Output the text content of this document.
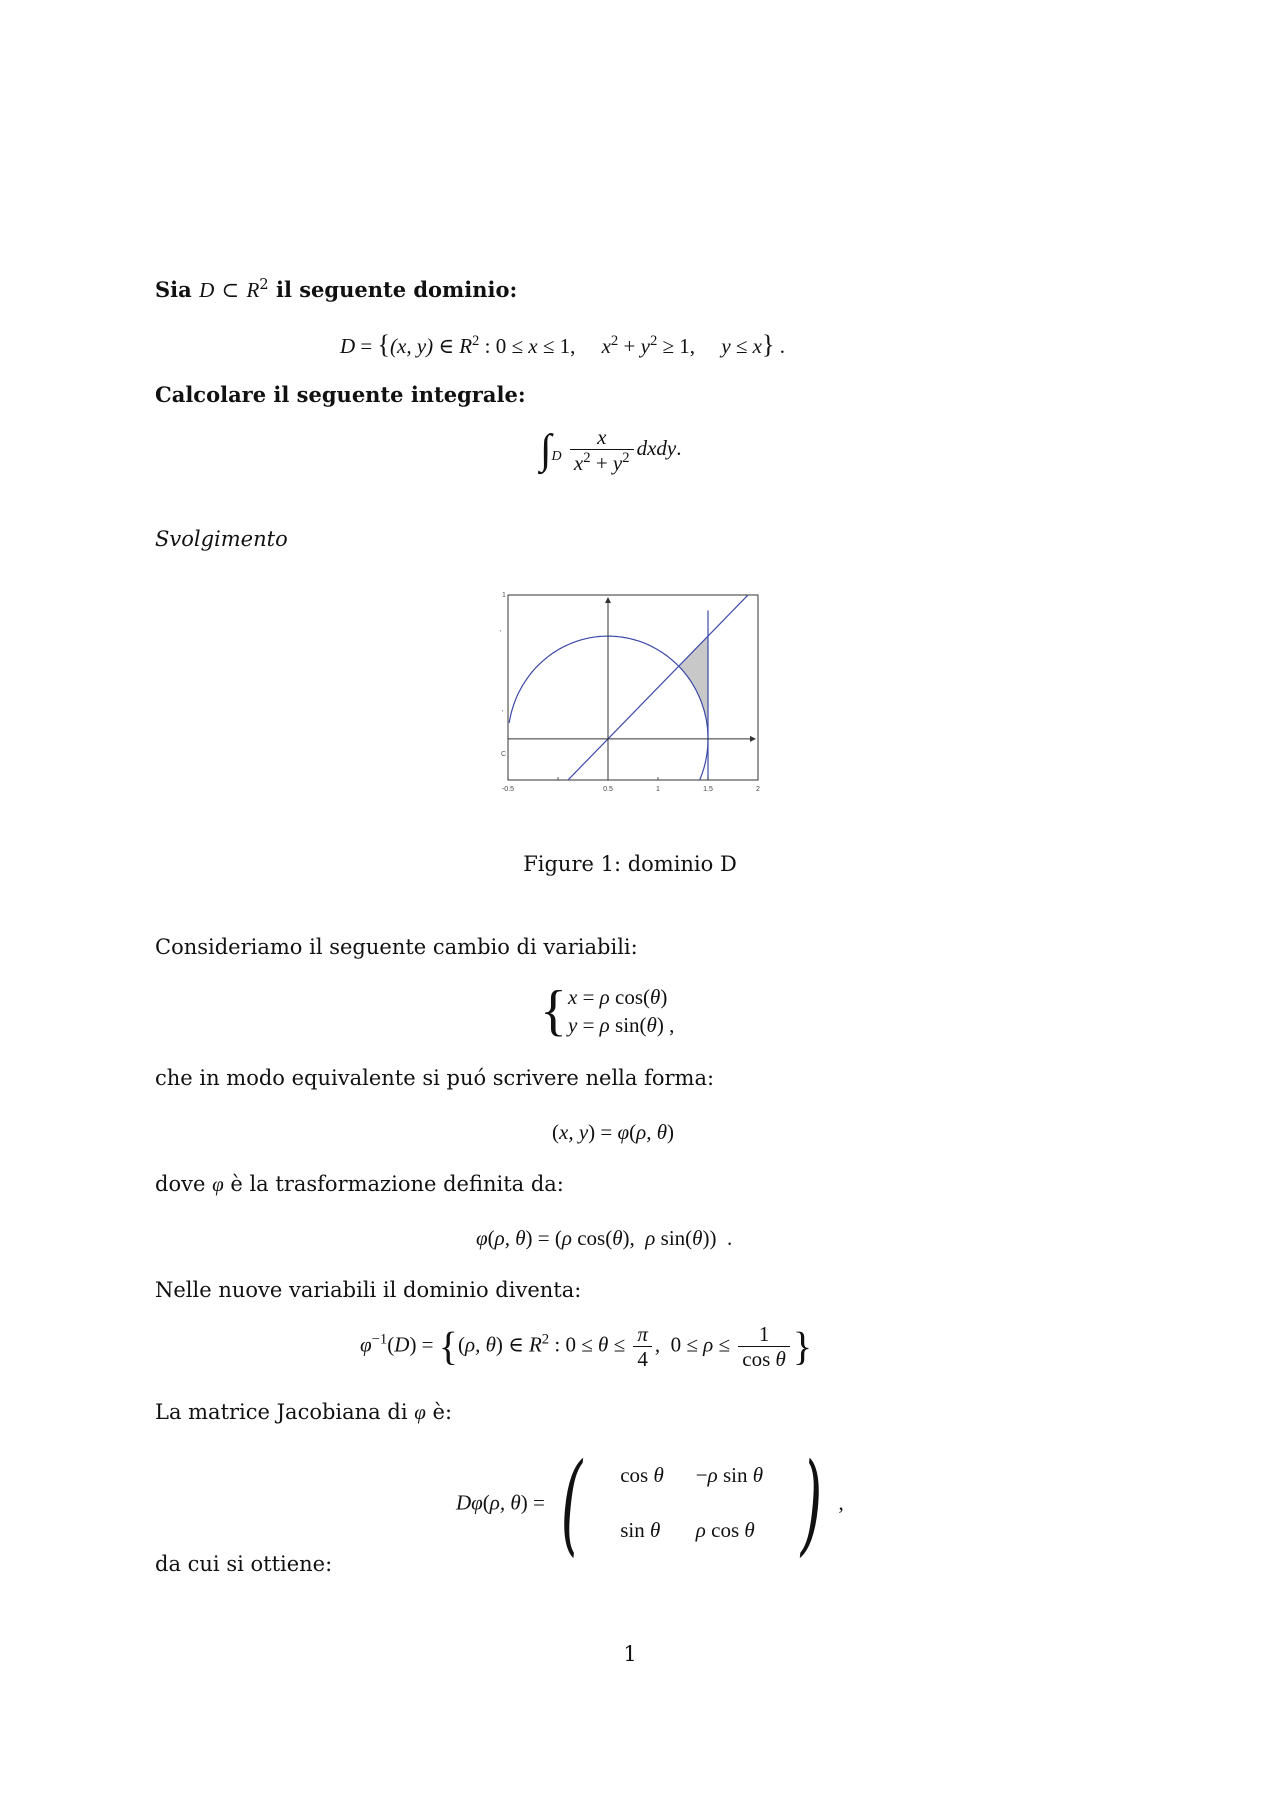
Sia D ⊂ $R^2$ il seguente dominio:
D = {(x, y) ∈ $R^2$ : 0 ≤ x ≤ 1,     $x^2 + y^2 \ge 1$,     y ≤ x} .
Calcolare il seguente integrale:
$\int_D \frac{x}{x^2 + y^2}$ dxdy.
Svolgimento
-0.5	0.5	1	1.5	2
1
'
'
C
Figure 1: dominio D
Consideriamo il seguente cambio di variabili:
{ x = ρ cos(θ)
y = ρ sin(θ) ,
che in modo equivalente si puó scrivere nella forma:
(x, y) = φ(ρ, θ)
dove φ è la trasformazione definita da:
φ(ρ, θ) = (ρ cos(θ),  ρ sin(θ))  .
Nelle nuove variabili il dominio diventa:
$\varphi^{-1}(D) = \{(\rho$, θ) ∈ $R^2$ : $0 \le \theta \le \frac{\pi}{4}$ ,  $0 \le \rho \le \frac{1}{\text{cos θ}}$ }
La matrice Jacobiana di φ è:
Dφ(ρ, θ) = ( cos θ −ρ sin θ
sin θ ρ cos θ ) ,
da cui si ottiene:
1
